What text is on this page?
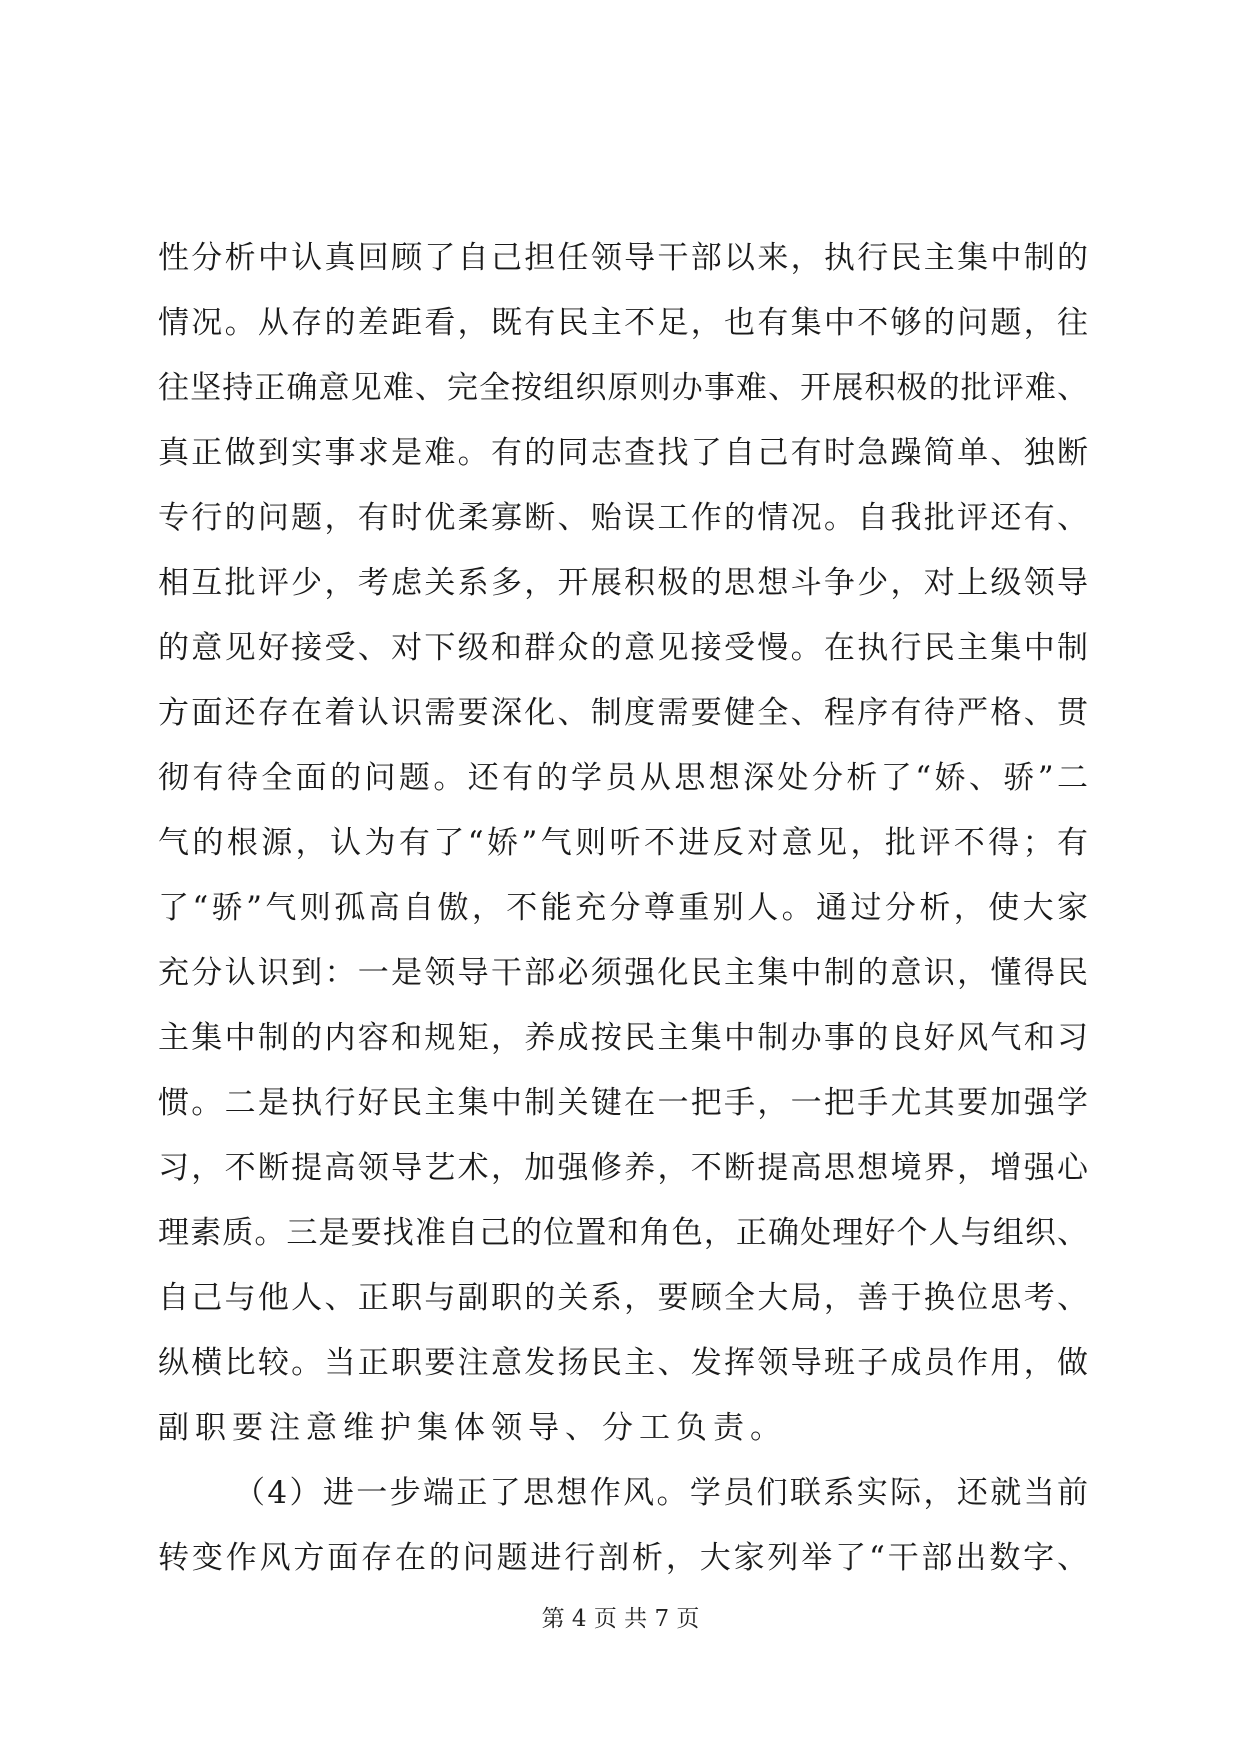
性分析中认真回顾了自己担任领导干部以来，执行民主集中制的
情况。从存的差距看，既有民主不足，也有集中不够的问题，往
往坚持正确意见难、完全按组织原则办事难、开展积极的批评难、
真正做到实事求是难。有的同志查找了自己有时急躁简单、独断
专行的问题，有时优柔寡断、贻误工作的情况。自我批评还有、
相互批评少，考虑关系多，开展积极的思想斗争少，对上级领导
的意见好接受、对下级和群众的意见接受慢。在执行民主集中制
方面还存在着认识需要深化、制度需要健全、程序有待严格、贯
彻有待全面的问题。还有的学员从思想深处分析了“娇、骄”二
气的根源，认为有了“娇”气则听不进反对意见，批评不得；有
了“骄”气则孤高自傲，不能充分尊重别人。通过分析，使大家
充分认识到：一是领导干部必须强化民主集中制的意识，懂得民
主集中制的内容和规矩，养成按民主集中制办事的良好风气和习
惯。二是执行好民主集中制关键在一把手，一把手尤其要加强学
习，不断提高领导艺术，加强修养，不断提高思想境界，增强心
理素质。三是要找准自己的位置和角色，正确处理好个人与组织、
自己与他人、正职与副职的关系，要顾全大局，善于换位思考、
纵横比较。当正职要注意发扬民主、发挥领导班子成员作用，做
副职要注意维护集体领导、分工负责。
（4）进一步端正了思想作风。学员们联系实际，还就当前
转变作风方面存在的问题进行剖析，大家列举了“干部出数字、
第 4 页 共 7 页
